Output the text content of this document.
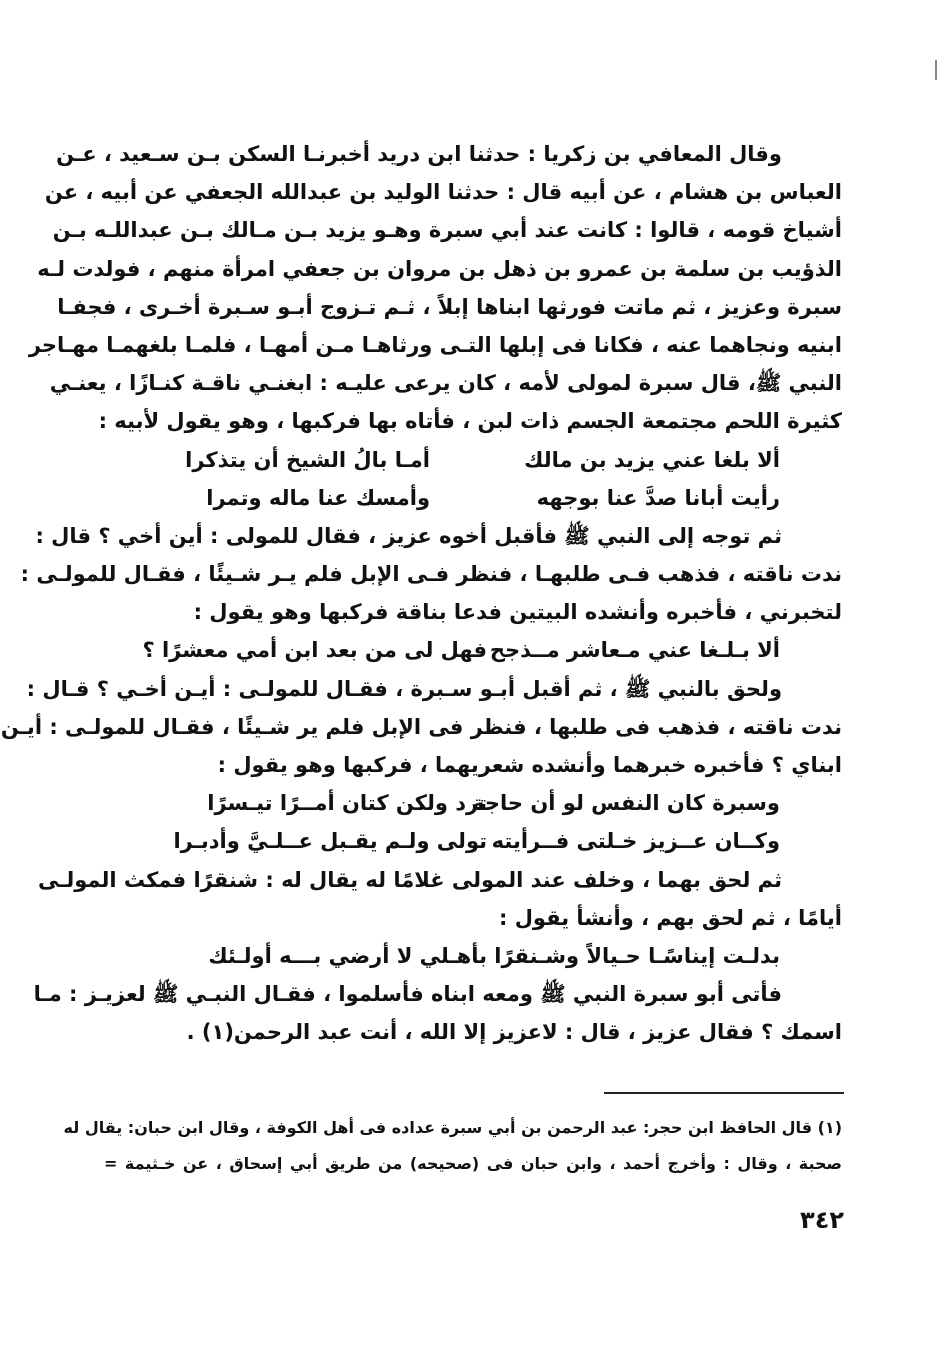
وقال المعافي بن زكريا : حدثنا ابن دريد أخبرنـا السكن بـن سـعيد ، عـن
العباس بن هشام ، عن أبيه قال : حدثنا الوليد بن عبدالله الجعفي عن أبيه ، عن
أشياخ قومه ، قالوا : كانت عند أبي سبرة وهـو يزيد بـن مـالك بـن عبداللـه بـن
الذؤيب بن سلمة بن عمرو بن ذهل بن مروان بن جعفي امرأة منهم ، فولدت لـه
سبرة وعزيز ، ثم ماتت فورثها ابناها إبلاً ، ثـم تـزوج أبـو سـبرة أخـرى ، فجفـا
ابنيه ونجاهما عنه ، فكانا فى إبلها التـى ورثاهـا مـن أمهـا ، فلمـا بلغهمـا مهـاجر
النبي ﷺ، قال سبرة لمولى لأمه ، كان يرعى عليـه : ابغنـي ناقـة كنـازًا ، يعنـي
كثيرة اللحم مجتمعة الجسم ذات لبن ، فأتاه بها فركبها ، وهو يقول لأبيه :
ألا بلغا عني يزيد بن مالك
أمـا بالُ الشيخ أن يتذكرا
رأيت أبانا صدَّ عنا بوجهه
وأمسك عنا ماله وتمرا
ثم توجه إلى النبي ﷺ فأقبل أخوه عزيز ، فقال للمولى : أين أخي ؟ قال :
ندت ناقته ، فذهب فـى طلبهـا ، فنظر فـى الإبل فلم يـر شـيئًا ، فقـال للمولـى :
لتخبرني ، فأخبره وأنشده البيتين فدعا بناقة فركبها وهو يقول :
ألا بـلـغا عني مـعاشر مــذجح
فهل لى من بعد ابن أمي معشرًا ؟
ولحق بالنبي ﷺ ، ثم أقبل أبـو سـبرة ، فقـال للمولـى : أيـن أخـي ؟ قـال :
ندت ناقته ، فذهب فى طلبها ، فنظر فى الإبل فلم ير شـيئًا ، فقـال للمولـى : أيـن
ابناي ؟ فأخبره خبرهما وأنشده شعريهما ، فركبها وهو يقول :
وسبرة كان النفس لو أن حاجة
ترد ولكن كتان أمــرًا تيـسرًا
وكــان عــزيز خـلتى فــرأيته
تولى ولـم يقـبل عــلـيَّ وأدبـرا
ثم لحق بهما ، وخلف عند المولى غلامًا له يقال له : شنقرًا فمكث المولـى
أيامًا ، ثم لحق بهم ، وأنشأ يقول :
بدلـت إيناسًـا حـيالاً وشـنقرًا
بأهـلي لا أرضي بـــه أولـئك
فأتى أبو سبرة النبي ﷺ ومعه ابناه فأسلموا ، فقـال النبـي ﷺ لعزيـز : مـا
اسمك ؟ فقال عزيز ، قال : لاعزيز إلا الله ، أنت عبد الرحمن(١) .
(١) قال الحافظ ابن حجر: عبد الرحمن بن أبي سبرة عداده فى أهل الكوفة ، وقال ابن حبان: يقال له
صحبة ، وقال : وأخرج أحمد ، وابن حبان فى (صحيحه) من طريق أبي إسحاق ، عن خـثيمة =
٣٤٢
